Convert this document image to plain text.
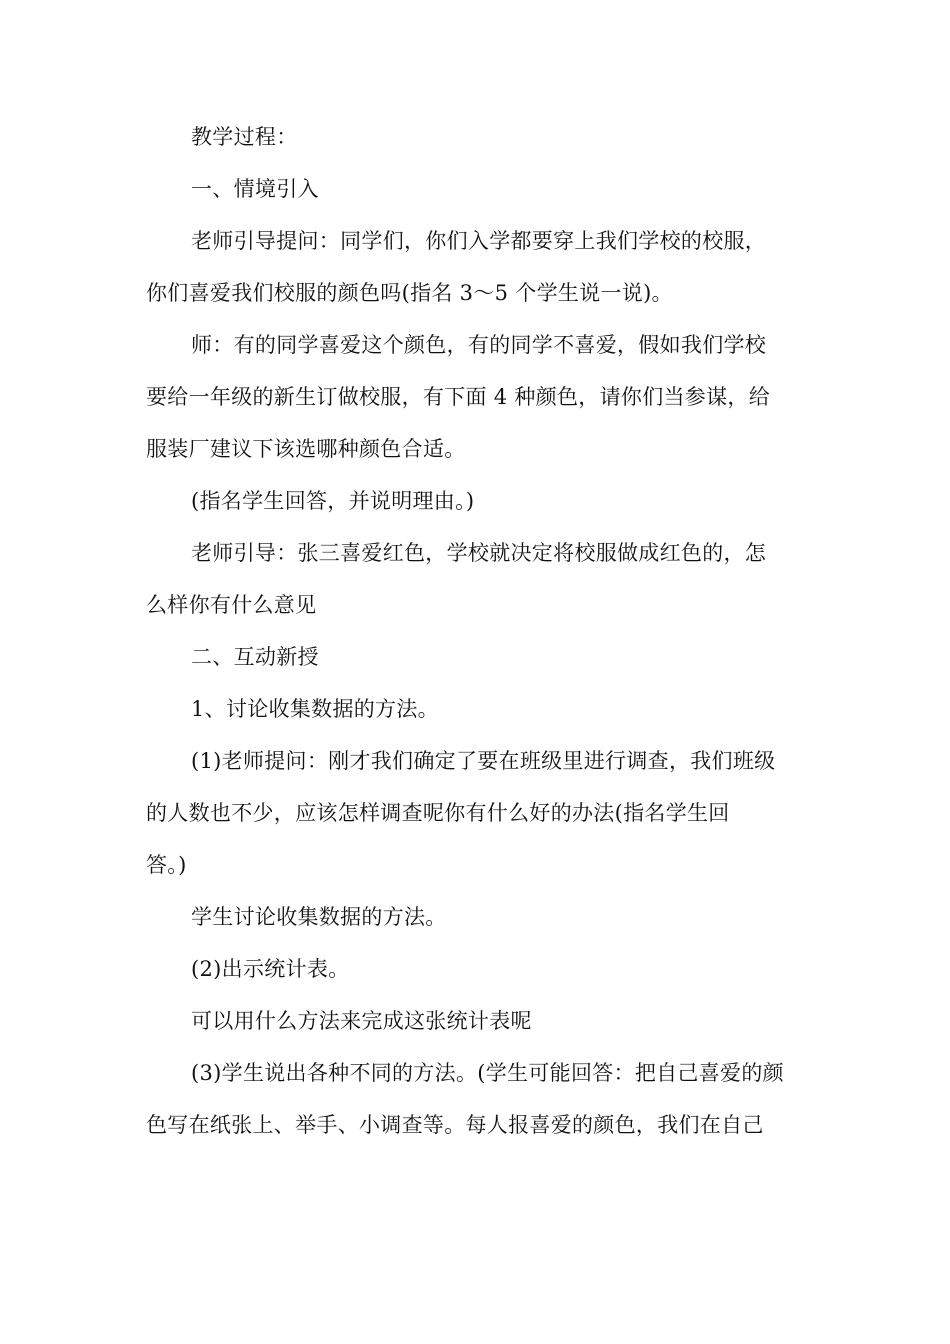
教学过程：
一、情境引入
老师引导提问：同学们，你们入学都要穿上我们学校的校服，
你们喜爱我们校服的颜色吗(指名 3～5 个学生说一说)。
师：有的同学喜爱这个颜色，有的同学不喜爱，假如我们学校
要给一年级的新生订做校服，有下面 4 种颜色，请你们当参谋，给
服装厂建议下该选哪种颜色合适。
(指名学生回答，并说明理由。)
老师引导：张三喜爱红色，学校就决定将校服做成红色的，怎
么样你有什么意见
二、互动新授
1、讨论收集数据的方法。
(1)老师提问：刚才我们确定了要在班级里进行调查，我们班级
的人数也不少，应该怎样调查呢你有什么好的办法(指名学生回
答。)
学生讨论收集数据的方法。
(2)出示统计表。
可以用什么方法来完成这张统计表呢
(3)学生说出各种不同的方法。(学生可能回答：把自己喜爱的颜
色写在纸张上、举手、小调查等。每人报喜爱的颜色，我们在自己
